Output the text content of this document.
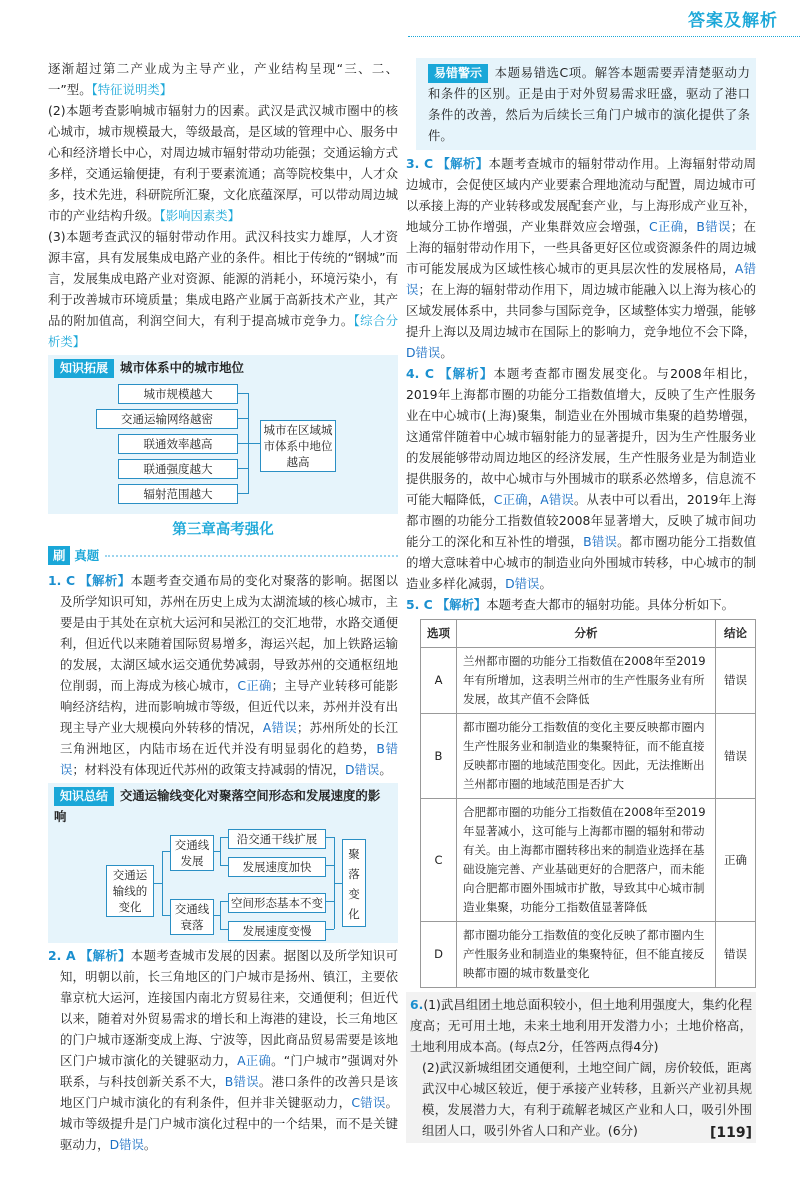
答案及解析

逐渐超过第二产业成为主导产业，产业结构呈现“三、二、一”型。【特征说明类】

(2)本题考查影响城市辐射力的因素。武汉是武汉城市圈中的核心城市，城市规模最大，等级最高，是区域的管理中心、服务中心和经济增长中心，对周边城市辐射带动功能强；交通运输方式多样，交通运输便捷，有利于要素流通；高等院校集中，人才众多，技术先进，科研院所汇聚，文化底蕴深厚，可以带动周边城市的产业结构升级。【影响因素类】

(3)本题考查武汉的辐射带动作用。武汉科技实力雄厚，人才资源丰富，具有发展集成电路产业的条件。相比于传统的“钢城”而言，发展集成电路产业对资源、能源的消耗小，环境污染小，有利于改善城市环境质量；集成电路产业属于高新技术产业，其产品的附加值高，利润空间大，有利于提高城市竞争力。【综合分析类】

知识拓展 城市体系中的城市地位
城市规模越大
交通运输网络越密
联通效率越高
联通强度越大
辐射范围越大
城市在区域城市体系中地位越高
第三章高考强化
刷 真题

1. C 【解析】本题考查交通布局的变化对聚落的影响。据图以及所学知识可知，苏州在历史上成为太湖流域的核心城市，主要是由于其处在京杭大运河和吴淞江的交汇地带，水路交通便利，但近代以来随着国际贸易增多，海运兴起，加上铁路运输的发展，太湖区域水运交通优势减弱，导致苏州的交通枢纽地位削弱，而上海成为核心城市，C正确；主导产业转移可能影响经济结构，进而影响城市等级，但近代以来，苏州并没有出现主导产业大规模向外转移的情况，A错误；苏州所处的长江三角洲地区，内陆市场在近代并没有明显弱化的趋势，B错误；材料没有体现近代苏州的政策支持减弱的情况，D错误。

知识总结 交通运输线变化对聚落空间形态和发展速度的影响
交通运输线的变化
交通线发展
交通线衰落
沿交通干线扩展
发展速度加快
空间形态基本不变
发展速度变慢
聚落变化

2. A 【解析】本题考查城市发展的因素。据图以及所学知识可知，明朝以前，长三角地区的门户城市是扬州、镇江，主要依靠京杭大运河，连接国内南北方贸易往来，交通便利；但近代以来，随着对外贸易需求的增长和上海港的建设，长三角地区的门户城市逐渐变成上海、宁波等，因此商品贸易需要是该地区门户城市演化的关键驱动力，A正确。“门户城市”强调对外联系，与科技创新关系不大，B错误。港口条件的改善只是该地区门户城市演化的有利条件，但并非关键驱动力，C错误。城市等级提升是门户城市演化过程中的一个结果，而不是关键驱动力，D错误。

易错警示 本题易错选C项。解答本题需要弄清楚驱动力和条件的区别。正是由于对外贸易需求旺盛，驱动了港口条件的改善，然后为后续长三角门户城市的演化提供了条件。

3. C 【解析】本题考查城市的辐射带动作用。上海辐射带动周边城市，会促使区域内产业要素合理地流动与配置，周边城市可以承接上海的产业转移或发展配套产业，与上海形成产业互补，地域分工协作增强，产业集群效应会增强，C正确，B错误；在上海的辐射带动作用下，一些具备更好区位或资源条件的周边城市可能发展成为区域性核心城市的更具层次性的发展格局，A错误；在上海的辐射带动作用下，周边城市能融入以上海为核心的区域发展体系中，共同参与国际竞争，区域整体实力增强，能够提升上海以及周边城市在国际上的影响力，竞争地位不会下降，D错误。

4. C 【解析】本题考查都市圈发展变化。与2008年相比，2019年上海都市圈的功能分工指数值增大，反映了生产性服务业在中心城市(上海)聚集，制造业在外围城市集聚的趋势增强，这通常伴随着中心城市辐射能力的显著提升，因为生产性服务业的发展能够带动周边地区的经济发展，生产性服务业是为制造业提供服务的，故中心城市与外围城市的联系必然增多，信息流不可能大幅降低，C正确，A错误。从表中可以看出，2019年上海都市圈的功能分工指数值较2008年显著增大，反映了城市间功能分工的深化和互补性的增强，B错误。都市圈功能分工指数值的增大意味着中心城市的制造业向外围城市转移，中心城市的制造业多样化减弱，D错误。

5. C 【解析】本题考查大都市的辐射功能。具体分析如下。

选项	分析	结论
A	兰州都市圈的功能分工指数值在2008年至2019年有所增加，这表明兰州市的生产性服务业有所发展，故其产值不会降低	错误
B	都市圈功能分工指数值的变化主要反映都市圈内生产性服务业和制造业的集聚特征，而不能直接反映都市圈的地域范围变化。因此，无法推断出兰州都市圈的地域范围是否扩大	错误
C	合肥都市圈的功能分工指数值在2008年至2019年显著减小，这可能与上海都市圈的辐射和带动有关。由上海都市圈转移出来的制造业选择在基础设施完善、产业基础更好的合肥落户，而未能向合肥都市圈外围城市扩散，导致其中心城市制造业集聚，功能分工指数值显著降低	正确
D	都市圈功能分工指数值的变化反映了都市圈内生产性服务业和制造业的集聚特征，但不能直接反映都市圈的城市数量变化	错误

6.(1)武昌组团土地总面积较小，但土地利用强度大，集约化程度高；无可用土地，未来土地利用开发潜力小；土地价格高，土地利用成本高。(每点2分，任答两点得4分)

(2)武汉新城组团交通便利，土地空间广阔，房价较低，距离武汉中心城区较近，便于承接产业转移，且新兴产业初具规模，发展潜力大，有利于疏解老城区产业和人口，吸引外围组团人口，吸引外省人口和产业。(6分)	[119]
